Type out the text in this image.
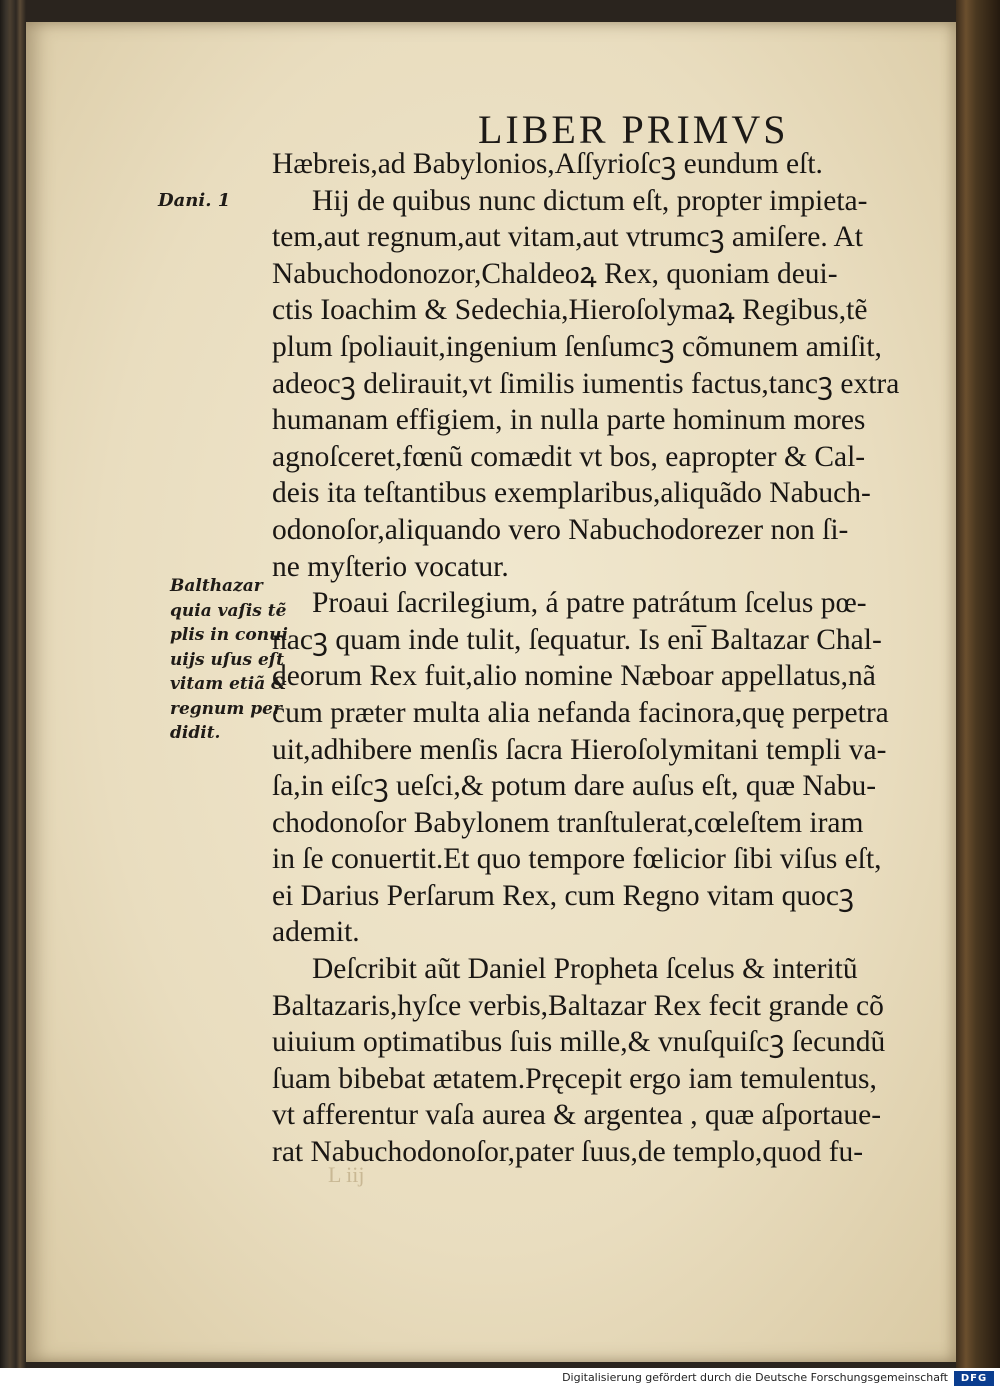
LIBER PRIMVS
Dani. 1
Balthazar
quia vaſis tẽ
plis in conui
uijs uſus eſt
vitam etiã &
regnum per
didit.
Hæbreis,ad Babylonios,Aſſyrioſcꝫ eundum eſt.
Hij de quibus nunc dictum eſt, propter impieta-
tem,aut regnum,aut vitam,aut vtrumcꝫ amiſere. At
Nabuchodonozor,Chaldeoꝝ Rex, quoniam deui-
ctis Ioachim & Sedechia,Hieroſolymaꝝ Regibus,tẽ
plum ſpoliauit,ingenium ſenſumcꝫ cõmunem amiſit,
adeocꝫ delirauit,vt ſimilis iumentis factus,tancꝫ extra
humanam effigiem, in nulla parte hominum mores
agnoſceret,fœnũ comædit vt bos, eapropter & Cal-
deis ita teſtantibus exemplaribus,aliquãdo Nabuch-
odonoſor,aliquando vero Nabuchodorezer non ſi-
ne myſterio vocatur.
Proaui ſacrilegium, á patre patrátum ſcelus pœ-
nacꝫ quam inde tulit, ſequatur. Is eni̅ Baltazar Chal-
deorum Rex fuit,alio nomine Næboar appellatus,nã
cum præter multa alia nefanda facinora,quę perpetra
uit,adhibere menſis ſacra Hieroſolymitani templi va-
ſa,in eiſcꝫ ueſci,& potum dare auſus eſt, quæ Nabu-
chodonoſor Babylonem tranſtulerat,cœleſtem iram
in ſe conuertit.Et quo tempore fœlicior ſibi viſus eſt,
ei Darius Perſarum Rex, cum Regno vitam quocꝫ
ademit.
Deſcribit aũt Daniel Propheta ſcelus & interitũ
Baltazaris,hyſce verbis,Baltazar Rex fecit grande cõ
uiuium optimatibus ſuis mille,& vnuſquiſcꝫ ſecundũ
ſuam bibebat ætatem.Pręcepit ergo iam temulentus,
vt afferentur vaſa aurea & argentea , quæ aſportaue-
rat Nabuchodonoſor,pater ſuus,de templo,quod fu-
L iij
Digitalisierung gefördert durch die Deutsche Forschungsgemeinschaft	DFG
